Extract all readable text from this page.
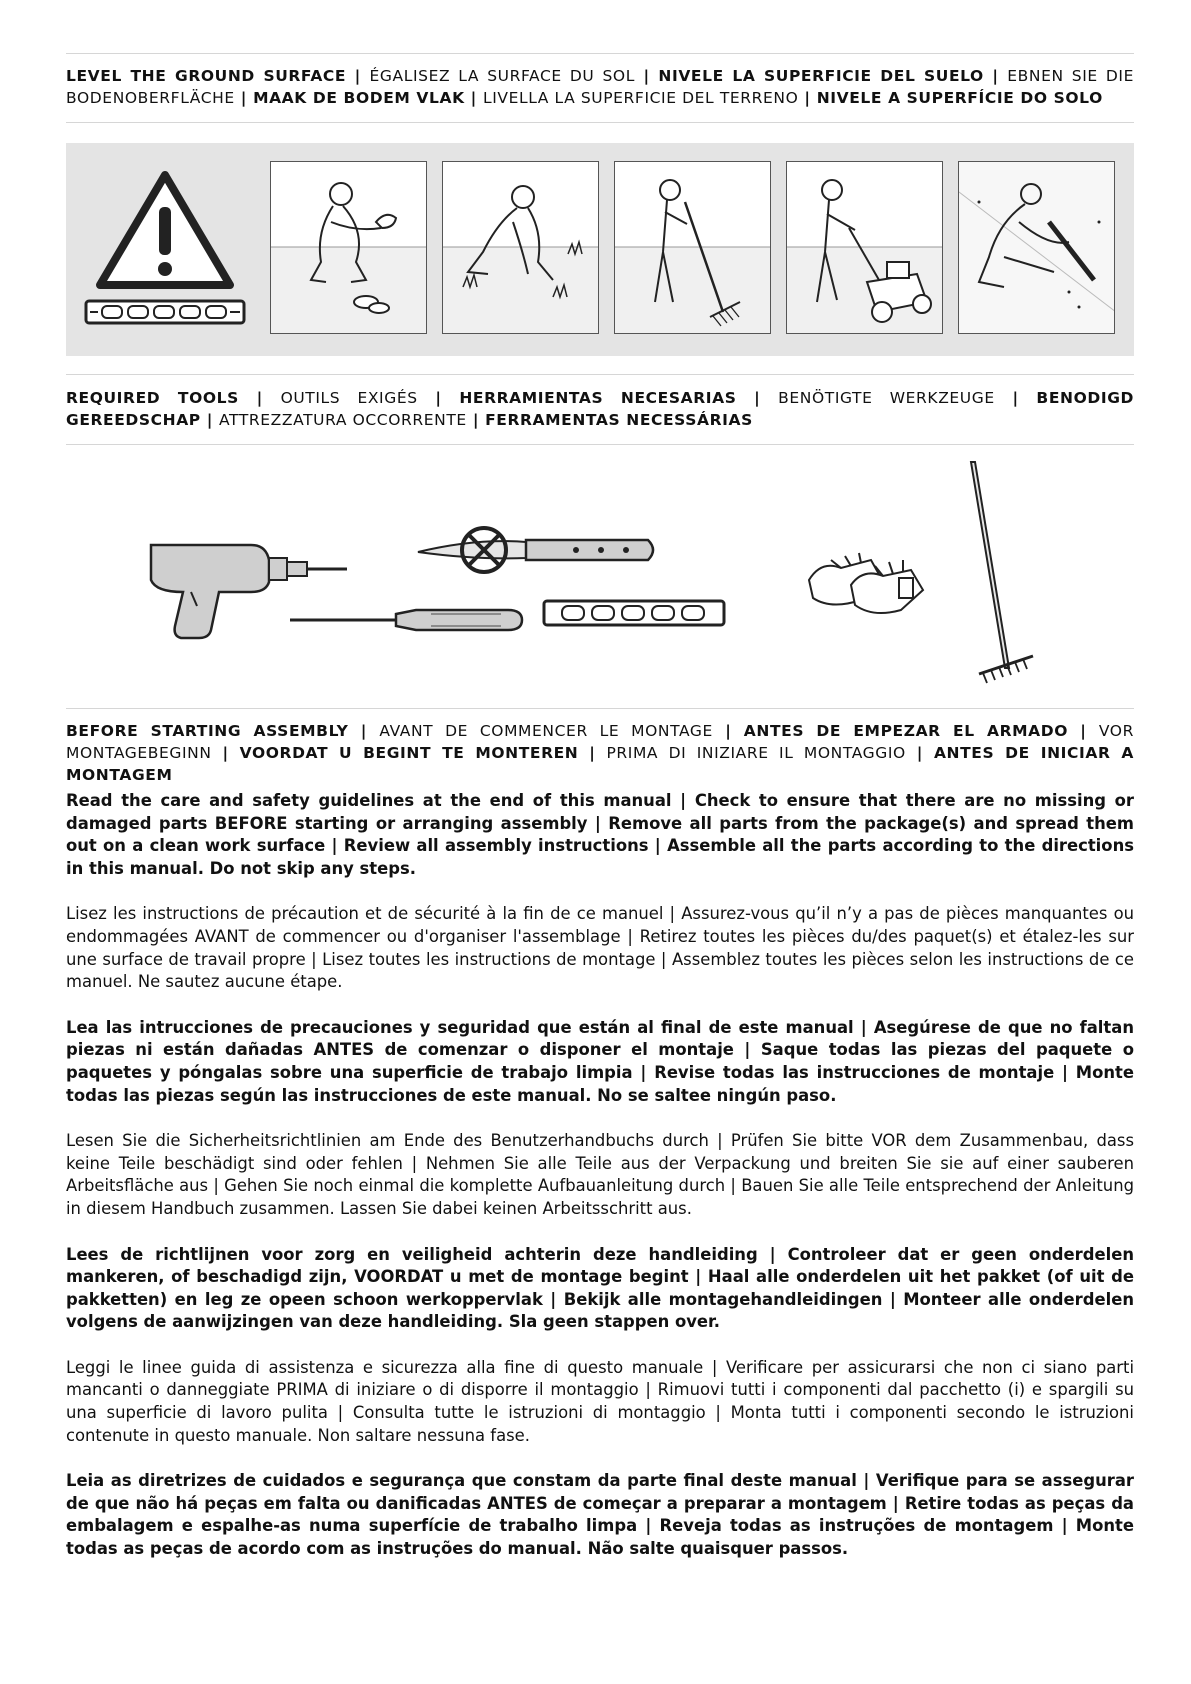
LEVEL THE GROUND SURFACE | ÉGALISEZ LA SURFACE DU SOL | NIVELE LA SUPERFICIE DEL SUELO | EBNEN SIE DIE BODENOBERFLÄCHE | MAAK DE BODEM VLAK | LIVELLA LA SUPERFICIE DEL TERRENO | NIVELE A SUPERFÍCIE DO SOLO
REQUIRED TOOLS | OUTILS EXIGÉS | HERRAMIENTAS NECESARIAS | BENÖTIGTE WERKZEUGE | BENODIGD GEREEDSCHAP | ATTREZZATURA OCCORRENTE | FERRAMENTAS NECESSÁRIAS
BEFORE STARTING ASSEMBLY | AVANT DE COMMENCER LE MONTAGE | ANTES DE EMPEZAR EL ARMADO | VOR MONTAGEBEGINN | VOORDAT U BEGINT TE MONTEREN | PRIMA DI INIZIARE IL MONTAGGIO | ANTES DE INICIAR A MONTAGEM

Read the care and safety guidelines at the end of this manual | Check to ensure that there are no missing or damaged parts BEFORE starting or arranging assembly | Remove all parts from the package(s) and spread them out on a clean work surface | Review all assembly instructions | Assemble all the parts according to the directions in this manual. Do not skip any steps.

Lisez les instructions de précaution et de sécurité à la fin de ce manuel | Assurez-vous qu’il n’y a pas de pièces manquantes ou endommagées AVANT de commencer ou d'organiser l'assemblage | Retirez toutes les pièces du/des paquet(s) et étalez-les sur une surface de travail propre | Lisez toutes les instructions de montage | Assemblez toutes les pièces selon les instructions de ce manuel. Ne sautez aucune étape.

Lea las intrucciones de precauciones y seguridad que están al final de este manual | Asegúrese de que no faltan piezas ni están dañadas ANTES de comenzar o disponer el montaje | Saque todas las piezas del paquete o paquetes y póngalas sobre una superficie de trabajo limpia | Revise todas las instrucciones de montaje | Monte todas las piezas según las instrucciones de este manual. No se saltee ningún paso.

Lesen Sie die Sicherheitsrichtlinien am Ende des Benutzerhandbuchs durch | Prüfen Sie bitte VOR dem Zusammenbau, dass keine Teile beschädigt sind oder fehlen | Nehmen Sie alle Teile aus der Verpackung und breiten Sie sie auf einer sauberen Arbeitsfläche aus | Gehen Sie noch einmal die komplette Aufbauanleitung durch | Bauen Sie alle Teile entsprechend der Anleitung in diesem Handbuch zusammen. Lassen Sie dabei keinen Arbeitsschritt aus.

Lees de richtlijnen voor zorg en veiligheid achterin deze handleiding | Controleer dat er geen onderdelen mankeren, of beschadigd zijn, VOORDAT u met de montage begint | Haal alle onderdelen uit het pakket (of uit de pakketten) en leg ze opeen schoon werkoppervlak | Bekijk alle montagehandleidingen | Monteer alle onderdelen volgens de aanwijzingen van deze handleiding. Sla geen stappen over.

Leggi le linee guida di assistenza e sicurezza alla fine di questo manuale | Verificare per assicurarsi che non ci siano parti mancanti o danneggiate PRIMA di iniziare o di disporre il montaggio | Rimuovi tutti i componenti dal pacchetto (i) e spargili su una superficie di lavoro pulita | Consulta tutte le istruzioni di montaggio | Monta tutti i componenti secondo le istruzioni contenute in questo manuale. Non saltare nessuna fase.

Leia as diretrizes de cuidados e segurança que constam da parte final deste manual | Verifique para se assegurar de que não há peças em falta ou danificadas ANTES de começar a preparar a montagem | Retire todas as peças da embalagem e espalhe-as numa superfície de trabalho limpa | Reveja todas as instruções de montagem | Monte todas as peças de acordo com as instruções do manual. Não salte quaisquer passos.
